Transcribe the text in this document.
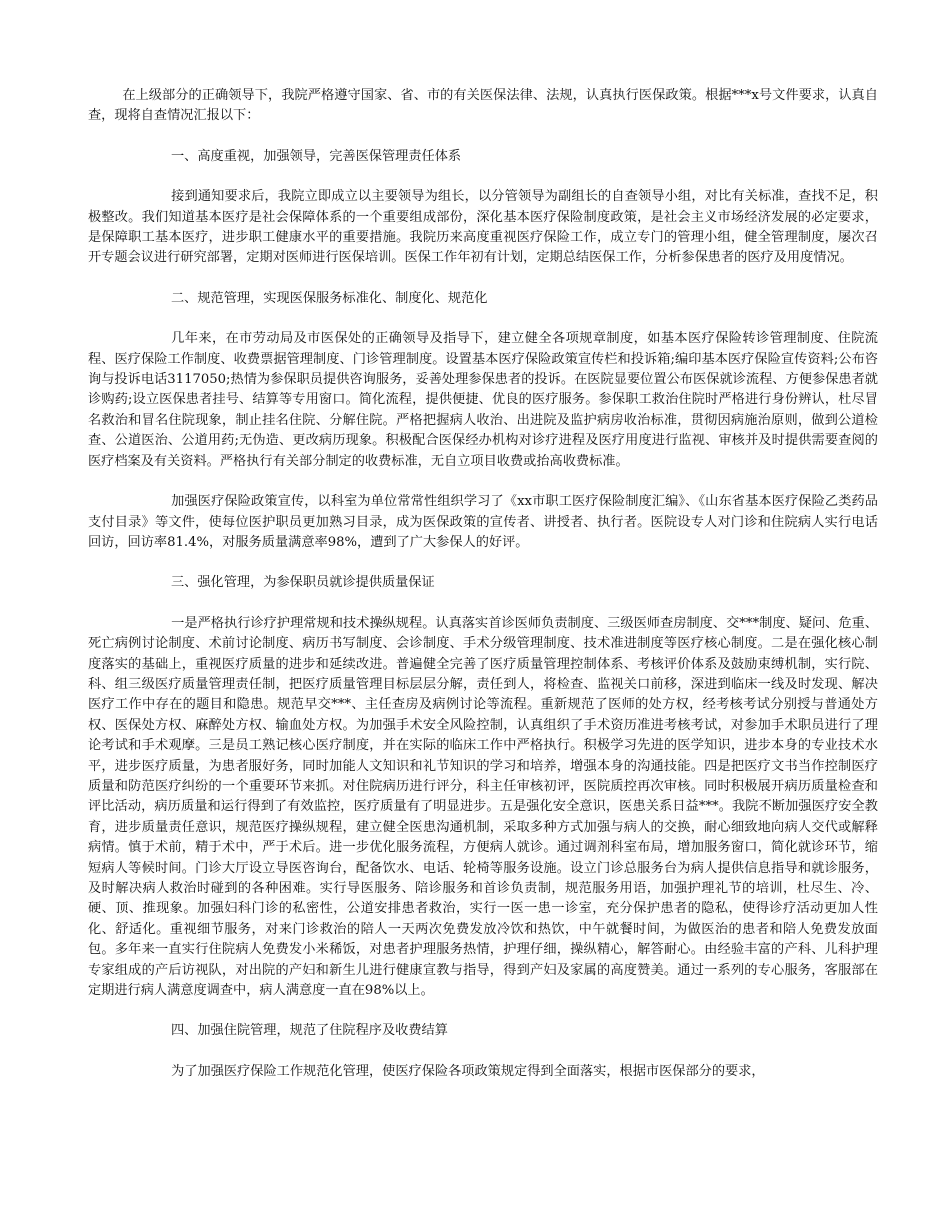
在上级部分的正确领导下，我院严格遵守国家、省、市的有关医保法律、法规，认真执行医保政策。根据***x号文件要求，认真自查，现将自查情况汇报以下：

一、高度重视，加强领导，完善医保管理责任体系

接到通知要求后，我院立即成立以主要领导为组长，以分管领导为副组长的自查领导小组，对比有关标准，查找不足，积极整改。我们知道基本医疗是社会保障体系的一个重要组成部份，深化基本医疗保险制度政策，是社会主义市场经济发展的必定要求，是保障职工基本医疗，进步职工健康水平的重要措施。我院历来高度重视医疗保险工作，成立专门的管理小组，健全管理制度，屡次召开专题会议进行研究部署，定期对医师进行医保培训。医保工作年初有计划，定期总结医保工作，分析参保患者的医疗及用度情况。

二、规范管理，实现医保服务标准化、制度化、规范化

几年来，在市劳动局及市医保处的正确领导及指导下，建立健全各项规章制度，如基本医疗保险转诊管理制度、住院流程、医疗保险工作制度、收费票据管理制度、门诊管理制度。设置基本医疗保险政策宣传栏和投诉箱;编印基本医疗保险宣传资料;公布咨询与投诉电话3117050;热情为参保职员提供咨询服务，妥善处理参保患者的投诉。在医院显要位置公布医保就诊流程、方便参保患者就诊购药;设立医保患者挂号、结算等专用窗口。简化流程，提供便捷、优良的医疗服务。参保职工救治住院时严格进行身份辨认，杜尽冒名救治和冒名住院现象，制止挂名住院、分解住院。严格把握病人收治、出进院及监护病房收治标准，贯彻因病施治原则，做到公道检查、公道医治、公道用药;无伪造、更改病历现象。积极配合医保经办机构对诊疗进程及医疗用度进行监视、审核并及时提供需要查阅的医疗档案及有关资料。严格执行有关部分制定的收费标准，无自立项目收费或抬高收费标准。

加强医疗保险政策宣传，以科室为单位常常性组织学习了《xx市职工医疗保险制度汇编》、《山东省基本医疗保险乙类药品支付目录》等文件，使每位医护职员更加熟习目录，成为医保政策的宣传者、讲授者、执行者。医院设专人对门诊和住院病人实行电话回访，回访率81.4%，对服务质量满意率98%，遭到了广大参保人的好评。

三、强化管理，为参保职员就诊提供质量保证

一是严格执行诊疗护理常规和技术操纵规程。认真落实首诊医师负责制度、三级医师查房制度、交***制度、疑问、危重、死亡病例讨论制度、术前讨论制度、病历书写制度、会诊制度、手术分级管理制度、技术准进制度等医疗核心制度。二是在强化核心制度落实的基础上，重视医疗质量的进步和延续改进。普遍健全完善了医疗质量管理控制体系、考核评价体系及鼓励束缚机制，实行院、科、组三级医疗质量管理责任制，把医疗质量管理目标层层分解，责任到人，将检查、监视关口前移，深进到临床一线及时发现、解决医疗工作中存在的题目和隐患。规范早交***、主任查房及病例讨论等流程。重新规范了医师的处方权，经考核考试分别授与普通处方权、医保处方权、麻醉处方权、输血处方权。为加强手术安全风险控制，认真组织了手术资历准进考核考试，对参加手术职员进行了理论考试和手术观摩。三是员工熟记核心医疗制度，并在实际的临床工作中严格执行。积极学习先进的医学知识，进步本身的专业技术水平，进步医疗质量，为患者服好务，同时加能人文知识和礼节知识的学习和培养，增强本身的沟通技能。四是把医疗文书当作控制医疗质量和防范医疗纠纷的一个重要环节来抓。对住院病历进行评分，科主任审核初评，医院质控再次审核。同时积极展开病历质量检查和评比活动，病历质量和运行得到了有效监控，医疗质量有了明显进步。五是强化安全意识，医患关系日益***。我院不断加强医疗安全教育，进步质量责任意识，规范医疗操纵规程，建立健全医患沟通机制，采取多种方式加强与病人的交换，耐心细致地向病人交代或解释病情。慎于术前，精于术中，严于术后。进一步优化服务流程，方便病人就诊。通过调剂科室布局，增加服务窗口，简化就诊环节，缩短病人等候时间。门诊大厅设立导医咨询台，配备饮水、电话、轮椅等服务设施。设立门诊总服务台为病人提供信息指导和就诊服务，及时解决病人救治时碰到的各种困难。实行导医服务、陪诊服务和首诊负责制，规范服务用语，加强护理礼节的培训，杜尽生、冷、硬、顶、推现象。加强妇科门诊的私密性，公道安排患者救治，实行一医一患一诊室，充分保护患者的隐私，使得诊疗活动更加人性化、舒适化。重视细节服务，对来门诊救治的陪人一天两次免费发放冷饮和热饮，中午就餐时间，为做医治的患者和陪人免费发放面包。多年来一直实行住院病人免费发小米稀饭，对患者护理服务热情，护理仔细，操纵精心，解答耐心。由经验丰富的产科、儿科护理专家组成的产后访视队，对出院的产妇和新生儿进行健康宣教与指导，得到产妇及家属的高度赞美。通过一系列的专心服务，客服部在定期进行病人满意度调查中，病人满意度一直在98%以上。

四、加强住院管理，规范了住院程序及收费结算

为了加强医疗保险工作规范化管理，使医疗保险各项政策规定得到全面落实，根据市医保部分的要求，
